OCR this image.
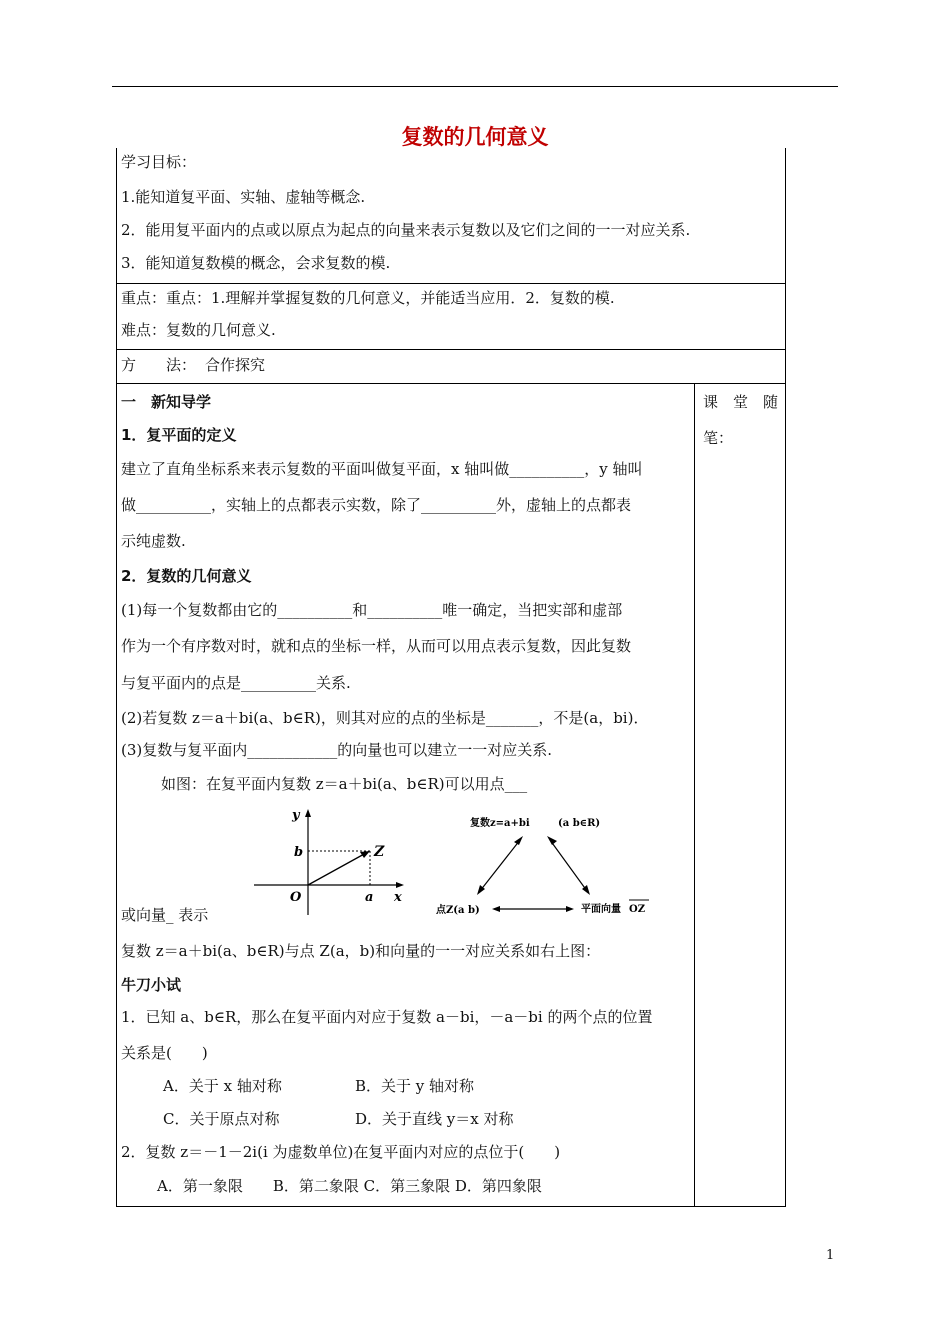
复数的几何意义
学习目标：
1.能知道复平面、实轴、虚轴等概念.
2．能用复平面内的点或以原点为起点的向量来表示复数以及它们之间的一一对应关系.
3．能知道复数模的概念，会求复数的模.
重点：重点：1.理解并掌握复数的几何意义，并能适当应用．2．复数的模.
难点：复数的几何意义.
方　　法： 合作探究
课　堂　随
笔：
一　新知导学
1．复平面的定义
建立了直角坐标系来表示复数的平面叫做复平面，x 轴叫做__________，y 轴叫
做__________，实轴上的点都表示实数，除了__________外，虚轴上的点都表
示纯虚数.
2．复数的几何意义
(1)每一个复数都由它的__________和__________唯一确定，当把实部和虚部
作为一个有序数对时，就和点的坐标一样，从而可以用点表示复数，因此复数
与复平面内的点是__________关系.
(2)若复数 z＝a＋bi(a、b∈R)，则其对应的点的坐标是_______，不是(a，bi)．
(3)复数与复平面内____________的向量也可以建立一一对应关系.
如图：在复平面内复数 z＝a＋bi(a、b∈R)可以用点___
y
b	Z
O	a x
复数z=a+bi	(a b∈R)
点Z(a b)	平面向量 OZ
或向量_ 表示
复数 z＝a＋bi(a、b∈R)与点 Z(a，b)和向量的一一对应关系如右上图：
牛刀小试
1．已知 a、b∈R，那么在复平面内对应于复数 a－bi，－a－bi 的两个点的位置
关系是(　　)
A．关于 x 轴对称	B．关于 y 轴对称
C．关于原点对称	D．关于直线 y＝x 对称
2．复数 z＝－1－2i(i 为虚数单位)在复平面内对应的点位于(　　)
A．第一象限　　B．第二象限 C．第三象限 D．第四象限
1
